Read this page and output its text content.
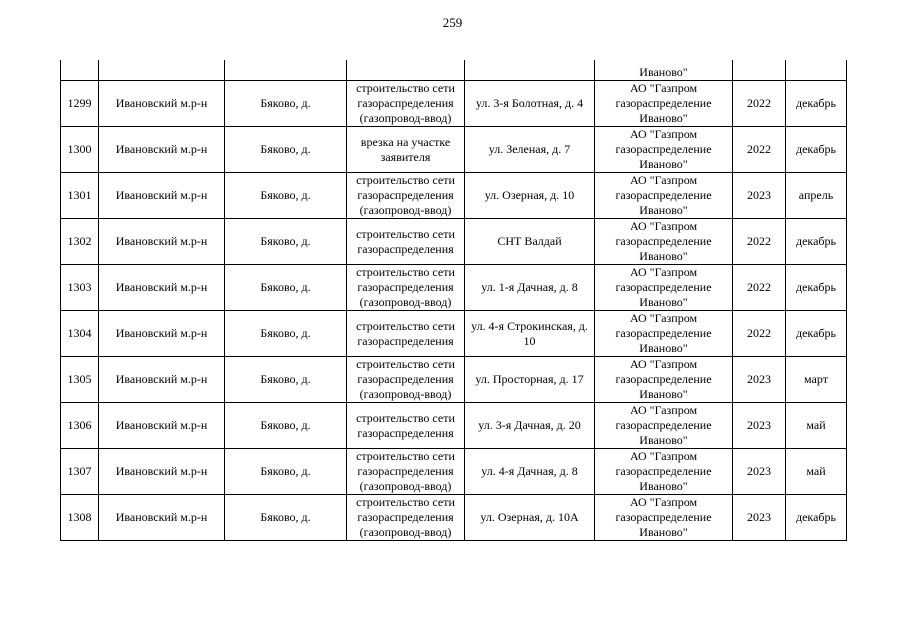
259
					Иваново"		
1299	Ивановский м.р-н	Бяково, д.	строительство сети газораспределения (газопровод-ввод)	ул. 3-я Болотная, д. 4	АО "Газпром газораспределение Иваново"	2022	декабрь
1300	Ивановский м.р-н	Бяково, д.	врезка на участке заявителя	ул. Зеленая, д. 7	АО "Газпром газораспределение Иваново"	2022	декабрь
1301	Ивановский м.р-н	Бяково, д.	строительство сети газораспределения (газопровод-ввод)	ул. Озерная, д. 10	АО "Газпром газораспределение Иваново"	2023	апрель
1302	Ивановский м.р-н	Бяково, д.	строительство сети газораспределения	СНТ Валдай	АО "Газпром газораспределение Иваново"	2022	декабрь
1303	Ивановский м.р-н	Бяково, д.	строительство сети газораспределения (газопровод-ввод)	ул. 1-я Дачная, д. 8	АО "Газпром газораспределение Иваново"	2022	декабрь
1304	Ивановский м.р-н	Бяково, д.	строительство сети газораспределения	ул. 4-я Строкинская, д. 10	АО "Газпром газораспределение Иваново"	2022	декабрь
1305	Ивановский м.р-н	Бяково, д.	строительство сети газораспределения (газопровод-ввод)	ул. Просторная, д. 17	АО "Газпром газораспределение Иваново"	2023	март
1306	Ивановский м.р-н	Бяково, д.	строительство сети газораспределения	ул. 3-я Дачная, д. 20	АО "Газпром газораспределение Иваново"	2023	май
1307	Ивановский м.р-н	Бяково, д.	строительство сети газораспределения (газопровод-ввод)	ул. 4-я Дачная, д. 8	АО "Газпром газораспределение Иваново"	2023	май
1308	Ивановский м.р-н	Бяково, д.	строительство сети газораспределения (газопровод-ввод)	ул. Озерная, д. 10А	АО "Газпром газораспределение Иваново"	2023	декабрь
